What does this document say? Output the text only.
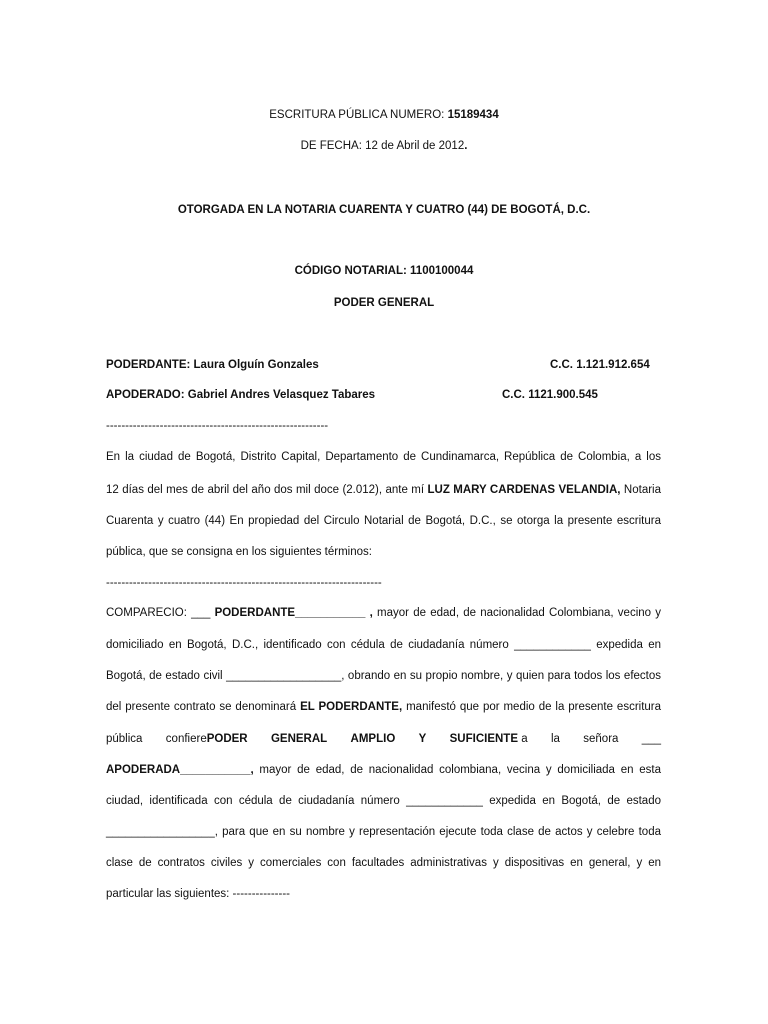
ESCRITURA PÚBLICA NUMERO: 15189434
DE FECHA: 12 de Abril de 2012.
OTORGADA EN LA NOTARIA CUARENTA Y CUATRO (44) DE BOGOTÁ, D.C.
CÓDIGO NOTARIAL: 1100100044
PODER GENERAL
PODERDANTE: Laura Olguín Gonzales	C.C. 1.121.912.654
APODERADO: Gabriel Andres Velasquez Tabares	C.C. 1121.900.545
----------------------------------------------------------
En la ciudad de Bogotá, Distrito Capital, Departamento de Cundinamarca, República de Colombia, a los
12 días del mes de abril del año dos mil doce (2.012), ante mí LUZ MARY CARDENAS VELANDIA, Notaria
Cuarenta y cuatro (44) En propiedad del Circulo Notarial de Bogotá, D.C., se otorga la presente escritura
pública, que se consigna en los siguientes términos:
------------------------------------------------------------------------
COMPARECIO: ___ PODERDANTE___________ , mayor de edad, de nacionalidad Colombiana, vecino y
domiciliado en Bogotá, D.C., identificado con cédula de ciudadanía número ____________ expedida en
Bogotá, de estado civil __________________, obrando en su propio nombre, y quien para todos los efectos
del presente contrato se denominará EL PODERDANTE, manifestó que por medio de la presente escritura
pública confierePODER GENERAL AMPLIO Y SUFICIENTE a la señora ___
APODERADA___________, mayor de edad, de nacionalidad colombiana, vecina y domiciliada en esta
ciudad, identificada con cédula de ciudadanía número ____________ expedida en Bogotá, de estado
_________________, para que en su nombre y representación ejecute toda clase de actos y celebre toda
clase de contratos civiles y comerciales con facultades administrativas y dispositivas en general, y en
particular las siguientes: ---------------
